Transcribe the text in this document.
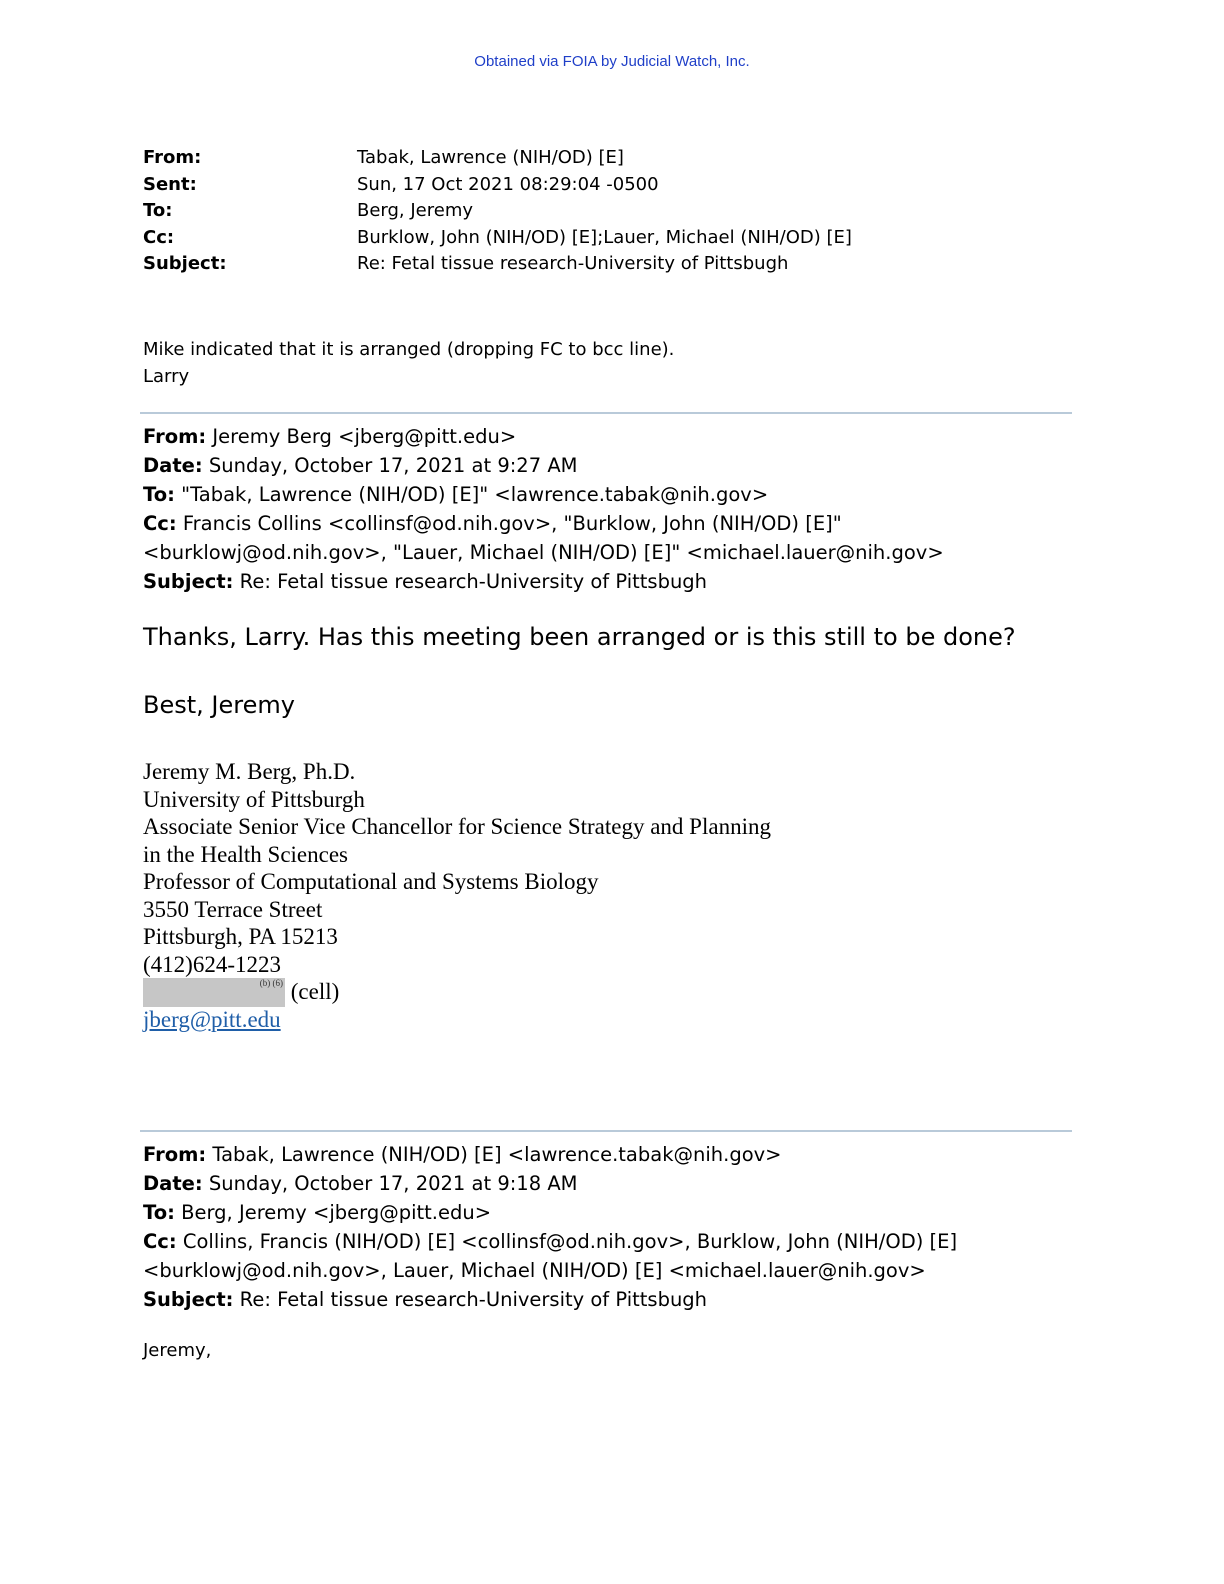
Obtained via FOIA by Judicial Watch, Inc.
From:	Tabak, Lawrence (NIH/OD) [E]
Sent:	Sun, 17 Oct 2021 08:29:04 -0500
To:	Berg, Jeremy
Cc:	Burklow, John (NIH/OD) [E];Lauer, Michael (NIH/OD) [E]
Subject:	Re: Fetal tissue research-University of Pittsbugh
Mike indicated that it is arranged (dropping FC to bcc line).
Larry
From: Jeremy Berg <jberg@pitt.edu>
Date: Sunday, October 17, 2021 at 9:27 AM
To: "Tabak, Lawrence (NIH/OD) [E]" <lawrence.tabak@nih.gov>
Cc: Francis Collins <collinsf@od.nih.gov>, "Burklow, John (NIH/OD) [E]"
<burklowj@od.nih.gov>, "Lauer, Michael (NIH/OD) [E]" <michael.lauer@nih.gov>
Subject: Re: Fetal tissue research-University of Pittsbugh
Thanks, Larry. Has this meeting been arranged or is this still to be done?
Best, Jeremy
Jeremy M. Berg, Ph.D.
University of Pittsburgh
Associate Senior Vice Chancellor for Science Strategy and Planning
in the Health Sciences
Professor of Computational and Systems Biology
3550 Terrace Street
Pittsburgh, PA 15213
(412)624-1223
(b) (6) (cell)
jberg@pitt.edu
From: Tabak, Lawrence (NIH/OD) [E] <lawrence.tabak@nih.gov>
Date: Sunday, October 17, 2021 at 9:18 AM
To: Berg, Jeremy <jberg@pitt.edu>
Cc: Collins, Francis (NIH/OD) [E] <collinsf@od.nih.gov>, Burklow, John (NIH/OD) [E]
<burklowj@od.nih.gov>, Lauer, Michael (NIH/OD) [E] <michael.lauer@nih.gov>
Subject: Re: Fetal tissue research-University of Pittsbugh
Jeremy,
